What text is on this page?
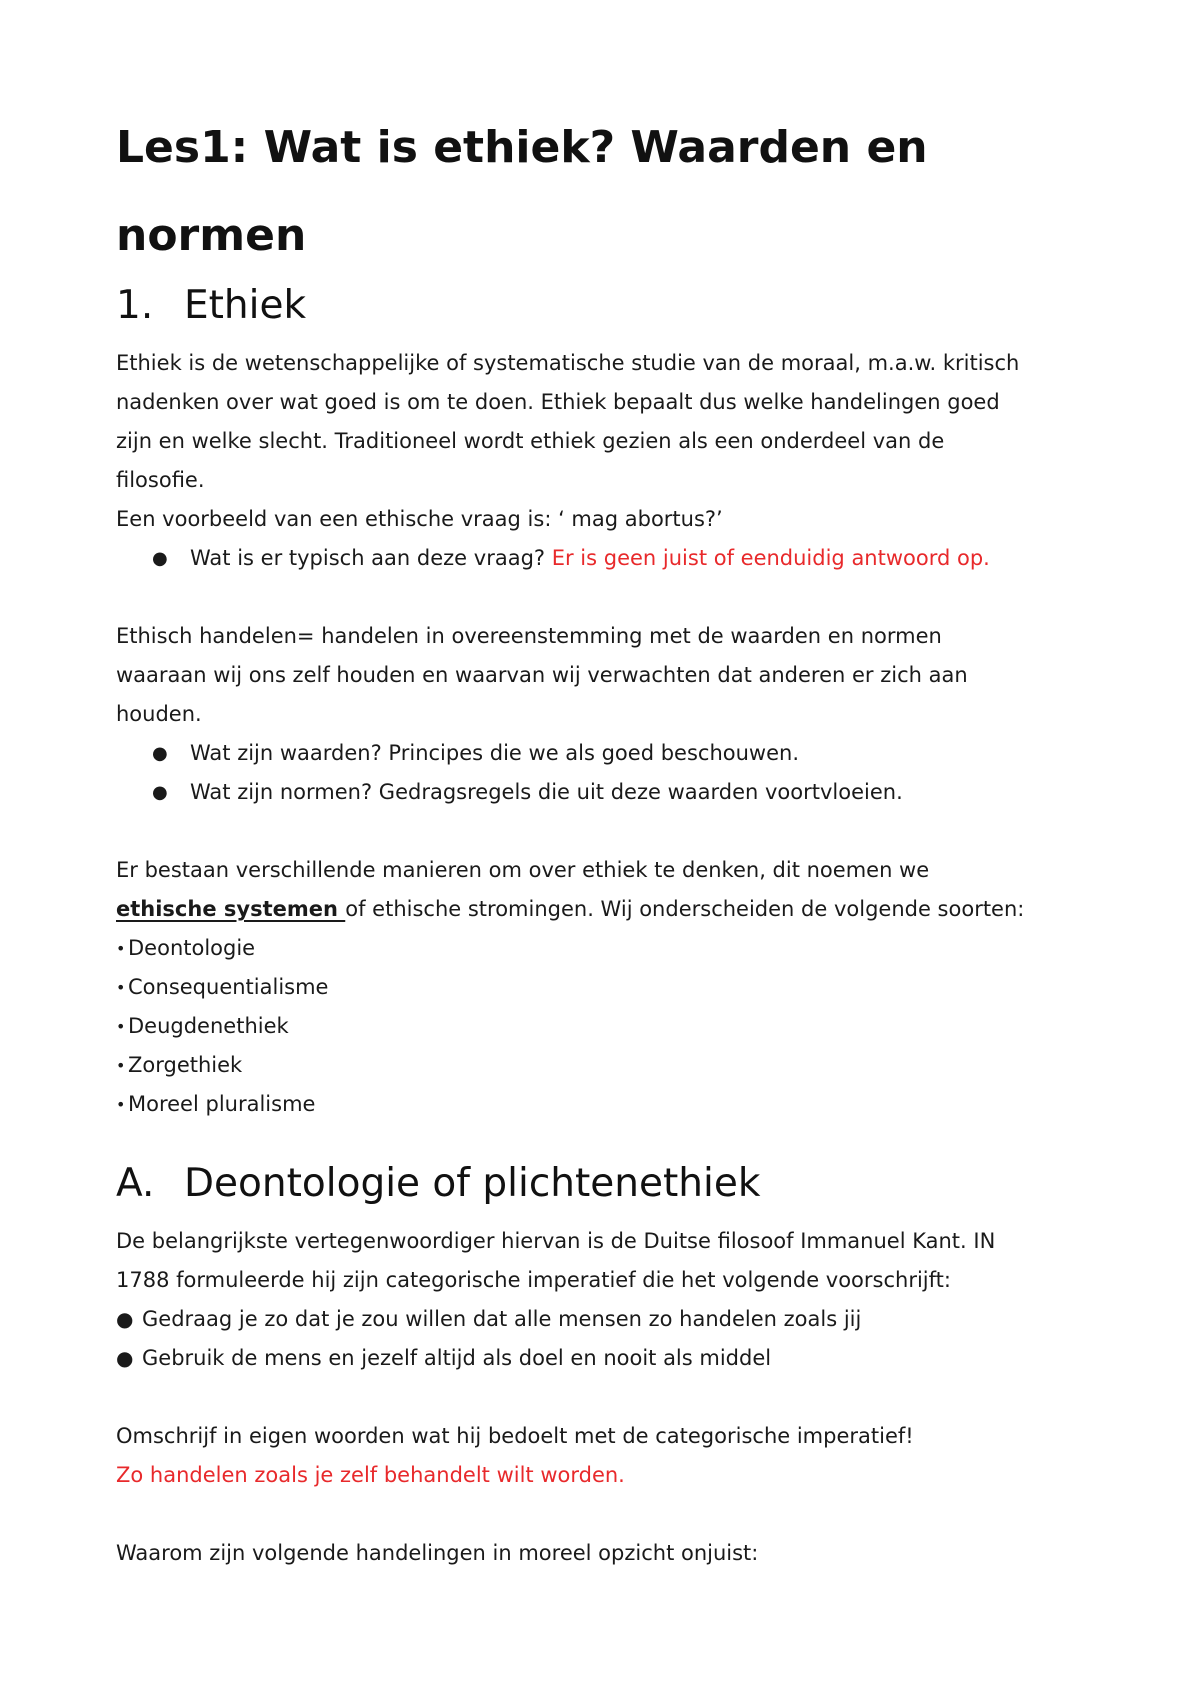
Les1: Wat is ethiek? Waarden en normen
1. Ethiek

Ethiek is de wetenschappelijke of systematische studie van de moraal, m.a.w. kritisch

nadenken over wat goed is om te doen. Ethiek bepaalt dus welke handelingen goed

zijn en welke slecht. Traditioneel wordt ethiek gezien als een onderdeel van de

filosofie.

Een voorbeeld van een ethische vraag is: ‘ mag abortus?’

●	Wat is er typisch aan deze vraag? Er is geen juist of eenduidig antwoord op.

Ethisch handelen= handelen in overeenstemming met de waarden en normen

waaraan wij ons zelf houden en waarvan wij verwachten dat anderen er zich aan

houden.

●	Wat zijn waarden? Principes die we als goed beschouwen.
●	Wat zijn normen? Gedragsregels die uit deze waarden voortvloeien.

Er bestaan verschillende manieren om over ethiek te denken, dit noemen we

ethische systemen of ethische stromingen. Wij onderscheiden de volgende soorten:

• Deontologie
• Consequentialisme
• Deugdenethiek
• Zorgethiek
• Moreel pluralisme
A. Deontologie of plichtenethiek

De belangrijkste vertegenwoordiger hiervan is de Duitse filosoof Immanuel Kant. IN

1788 formuleerde hij zijn categorische imperatief die het volgende voorschrijft:

● Gedraag je zo dat je zou willen dat alle mensen zo handelen zoals jij
● Gebruik de mens en jezelf altijd als doel en nooit als middel

Omschrijf in eigen woorden wat hij bedoelt met de categorische imperatief!

Zo handelen zoals je zelf behandelt wilt worden.

Waarom zijn volgende handelingen in moreel opzicht onjuist:
